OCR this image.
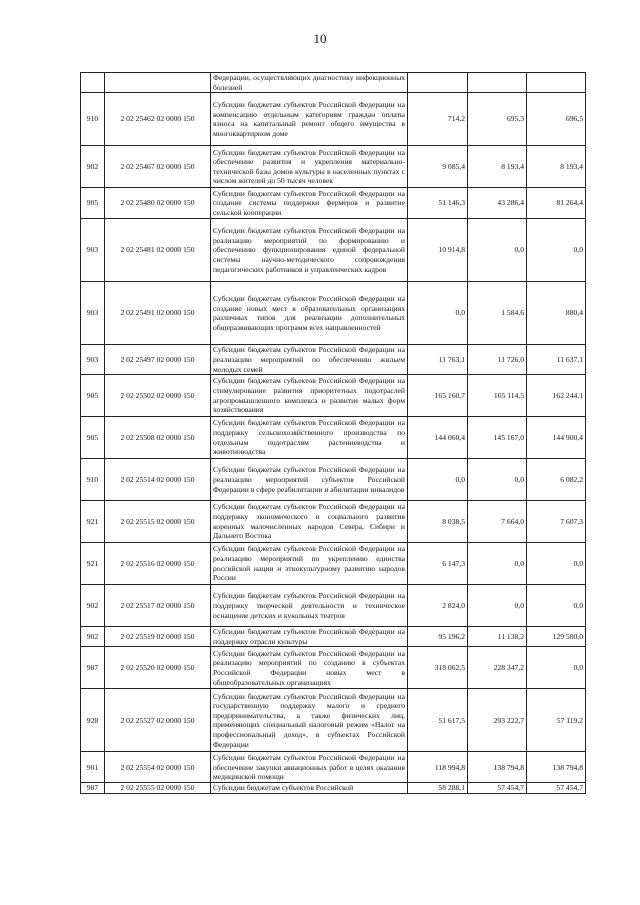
10
		Федерации, осуществляющих диагностику инфекционных болезней			
910	2 02 25462 02 0000 150	Субсидии бюджетам субъектов Российской Федерации на компенсацию отдельным категориям граждан оплаты взноса на капитальный ремонт общего имущества в многоквартирном доме	714,2	695,3	696,5
902	2 02 25467 02 0000 150	Субсидии бюджетам субъектов Российской Федерации на обеспечение развития и укрепления материально-технической базы домов культуры в населенных пунктах с числом жителей до 50 тысяч человек	9 085,4	8 193,4	8 193,4
905	2 02 25480 02 0000 150	Субсидии бюджетам субъектов Российской Федерации на создание системы поддержки фермеров и развитие сельской кооперации	51 146,3	43 286,4	81 264,4
903	2 02 25481 02 0000 150	Субсидии бюджетам субъектов Российской Федерации на реализацию мероприятий по формированию и обеспечению функционирования единой федеральной системы научно-методического сопровождения педагогических работников и управленческих кадров	10 914,8	0,0	0,0
903	2 02 25491 02 0000 150	Субсидии бюджетам субъектов Российской Федерации на создание новых мест в образовательных организациях различных типов для реализации дополнительных общеразвивающих программ всех направленностей	0,0	1 584,6	880,4
903	2 02 25497 02 0000 150	Субсидии бюджетам субъектов Российской Федерации на реализацию мероприятий по обеспечению жильем молодых семей	11 763,1	11 726,0	11 637,1
905	2 02 25502 02 0000 150	Субсидии бюджетам субъектов Российской Федерации на стимулирование развития приоритетных подотраслей агропромышленного комплекса и развитие малых форм хозяйствования	165 160,7	165 114,5	162 244,1
905	2 02 25508 02 0000 150	Субсидии бюджетам субъектов Российской Федерации на поддержку сельскохозяйственного производства по отдельным подотраслям растениеводства и животноводства	144 060,4	145 167,0	144 900,4
910	2 02 25514 02 0000 150	Субсидии бюджетам субъектов Российской Федерации на реализацию мероприятий субъектов Российской Федерации в сфере реабилитации и абилитации инвалидов	0,0	0,0	6 082,2
921	2 02 25515 02 0000 150	Субсидии бюджетам субъектов Российской Федерации на поддержку экономического и социального развития коренных малочисленных народов Севера, Сибири и Дальнего Востока	8 038,5	7 664,0	7 607,3
921	2 02 25516 02 0000 150	Субсидии бюджетам субъектов Российской Федерации на реализацию мероприятий по укреплению единства российской нации и этнокультурному развитию народов России	6 147,3	0,0	0,0
902	2 02 25517 02 0000 150	Субсидии бюджетам субъектов Российской Федерации на поддержку творческой деятельности и техническое оснащение детских и кукольных театров	2 824,0	0,0	0,0
902	2 02 25519 02 0000 150	Субсидии бюджетам субъектов Российской Федерации на поддержку отрасли культуры	95 196,2	11 138,2	129 500,0
907	2 02 25520 02 0000 150	Субсидии бюджетам субъектов Российской Федерации на реализацию мероприятий по созданию в субъектах Российской Федерации новых мест в общеобразовательных организациях	318 062,5	228 347,2	0,0
928	2 02 25527 02 0000 150	Субсидии бюджетам субъектов Российской Федерации на государственную поддержку малого и среднего предпринимательства, а также физических лиц, применяющих специальный налоговый режим «Налог на профессиональный доход», в субъектах Российской Федерации	51 617,5	293 222,7	57 119,2
901	2 02 25554 02 0000 150	Субсидии бюджетам субъектов Российской Федерации на обеспечение закупки авиационных работ в целях оказания медицинской помощи	118 994,8	138 794,8	138 794,8
907	2 02 25555 02 0000 150	Субсидии бюджетам субъектов Российской	58 288,1	57 454,7	57 454,7
